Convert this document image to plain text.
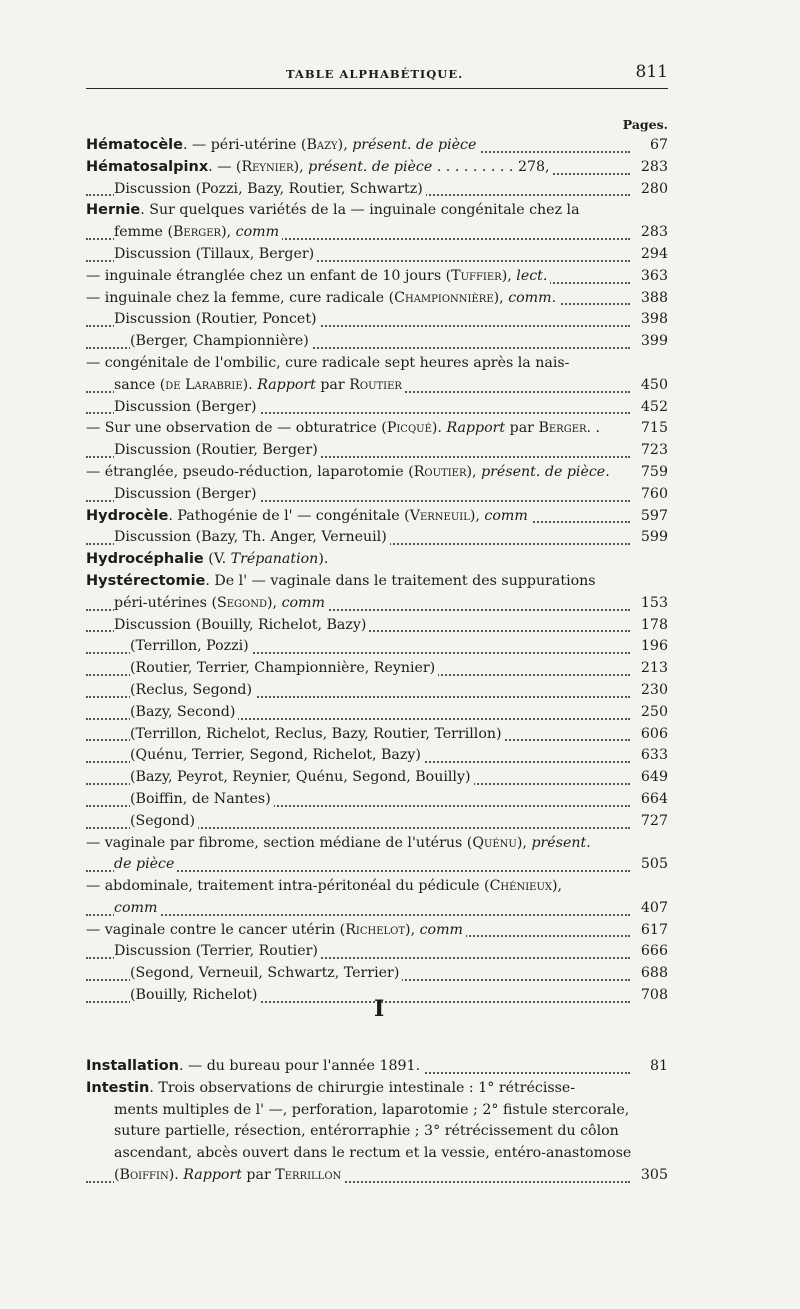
TABLE ALPHABÉTIQUE.	811
Pages.
Hématocèle. — péri-utérine (Bazy), présent. de pièce	67
Hématosalpinx. — (Reynier), présent. de pièce . . . . . . . . . 278,	283
Discussion (Pozzi, Bazy, Routier, Schwartz)	280
Hernie. Sur quelques variétés de la — inguinale congénitale chez la
femme (Berger), comm	283
Discussion (Tillaux, Berger)	294
— inguinale étranglée chez un enfant de 10 jours (Tuffier), lect.	363
— inguinale chez la femme, cure radicale (Championnière), comm.	388
Discussion (Routier, Poncet)	398
(Berger, Championnière)	399
— congénitale de l'ombilic, cure radicale sept heures après la nais-
sance (de Larabrie). Rapport par Routier	450
Discussion (Berger)	452
— Sur une observation de — obturatrice (Picqué). Rapport par Berger. .	715
Discussion (Routier, Berger)	723
— étranglée, pseudo-réduction, laparotomie (Routier), présent. de pièce. 759
Discussion (Berger)	760
Hydrocèle. Pathogénie de l' — congénitale (Verneuil), comm	597
Discussion (Bazy, Th. Anger, Verneuil)	599
Hydrocéphalie (V. Trépanation).
Hystérectomie. De l' — vaginale dans le traitement des suppurations
péri-utérines (Segond), comm	153
Discussion (Bouilly, Richelot, Bazy)	178
(Terrillon, Pozzi)	196
(Routier, Terrier, Championnière, Reynier)	213
(Reclus, Segond)	230
(Bazy, Second)	250
(Terrillon, Richelot, Reclus, Bazy, Routier, Terrillon)	606
(Quénu, Terrier, Segond, Richelot, Bazy)	633
(Bazy, Peyrot, Reynier, Quénu, Segond, Bouilly)	649
(Boiffin, de Nantes)	664
(Segond)	727
— vaginale par fibrome, section médiane de l'utérus (Quénu), présent.
de pièce	505
— abdominale, traitement intra-péritonéal du pédicule (Chénieux),
comm	407
— vaginale contre le cancer utérin (Richelot), comm	617
Discussion (Terrier, Routier)	666
(Segond, Verneuil, Schwartz, Terrier)	688
(Bouilly, Richelot)	708
I
Installation. — du bureau pour l'année 1891.	81
Intestin. Trois observations de chirurgie intestinale : 1° rétrécisse-
ments multiples de l' —, perforation, laparotomie ; 2° fistule stercorale,
suture partielle, résection, entérorraphie ; 3° rétrécissement du côlon
ascendant, abcès ouvert dans le rectum et la vessie, entéro-anastomose
(Boiffin). Rapport par Terrillon	305
